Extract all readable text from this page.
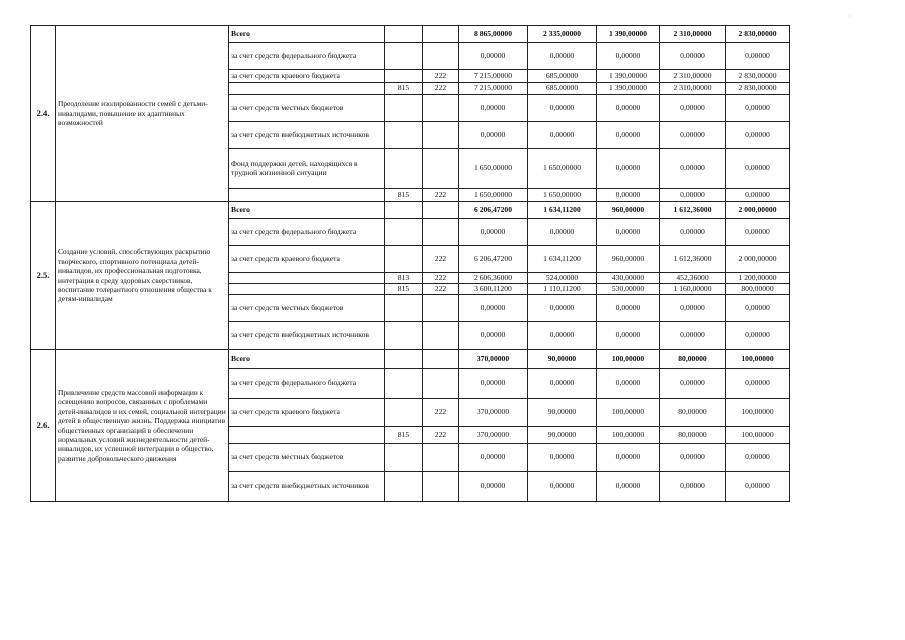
2.4.	Преодоление изолированности семей с детьми-инвалидами, повышение их адаптивных возможностей	Всего			8 865,00000	2 335,00000	1 390,00000	2 310,00000	2 830,00000
		за счет средств федерального бюджета			0,00000	0,00000	0,00000	0,00000	0,00000
		за счет средств краевого бюджета		222	7 215,00000	685,00000	1 390,00000	2 310,00000	2 830,00000
			815	222	7 215,00000	685,00000	1 390,00000	2 310,00000	2 830,00000
		за счет средств местных бюджетов			0,00000	0,00000	0,00000	0,00000	0,00000
		за счет средств внебюджетных источников			0,00000	0,00000	0,00000	0,00000	0,00000
		Фонд поддержки детей, находящихся в трудной жизненной ситуации			1 650,00000	1 650,00000	0,00000	0,00000	0,00000
			815	222	1 650,00000	1 650,00000	0,00000	0,00000	0,00000
2.5.	Создание условий, способствующих раскрытию творческого, спортивного потенциала детей-инвалидов, их профессиональная подготовка, интеграция в среду здоровых сверстников, воспитание толерантного отношения общества к детям-инвалидам	Всего			6 206,47200	1 634,11200	960,00000	1 612,36000	2 000,00000
		за счет средств федерального бюджета			0,00000	0,00000	0,00000	0,00000	0,00000
		за счет средств краевого бюджета		222	6 206,47200	1 634,11200	960,00000	1 612,36000	2 000,00000
			813	222	2 606,36000	524,00000	430,00000	452,36000	1 200,00000
			815	222	3 600,11200	1 110,11200	530,00000	1 160,00000	800,00000
		за счет средств местных бюджетов			0,00000	0,00000	0,00000	0,00000	0,00000
		за счет средств внебюджетных источников			0,00000	0,00000	0,00000	0,00000	0,00000
2.6.	Привлечение средств массовой информации к освещению вопросов, связанных с проблемами детей-инвалидов и их семей, социальной интеграции детей в общественную жизнь. Поддержка инициатив общественных организаций в обеспечении нормальных условий жизнедеятельности детей-инвалидов, их успешной интеграции в общество, развитие добровольческого движения	Всего			370,00000	90,00000	100,00000	80,00000	100,00000
		за счет средств федерального бюджета			0,00000	0,00000	0,00000	0,00000	0,00000
		за счет средств краевого бюджета		222	370,00000	90,00000	100,00000	80,00000	100,00000
			815	222	370,00000	90,00000	100,00000	80,00000	100,00000
		за счет средств местных бюджетов			0,00000	0,00000	0,00000	0,00000	0,00000
		за счет средств внебюджетных источников			0,00000	0,00000	0,00000	0,00000	0,00000
·
